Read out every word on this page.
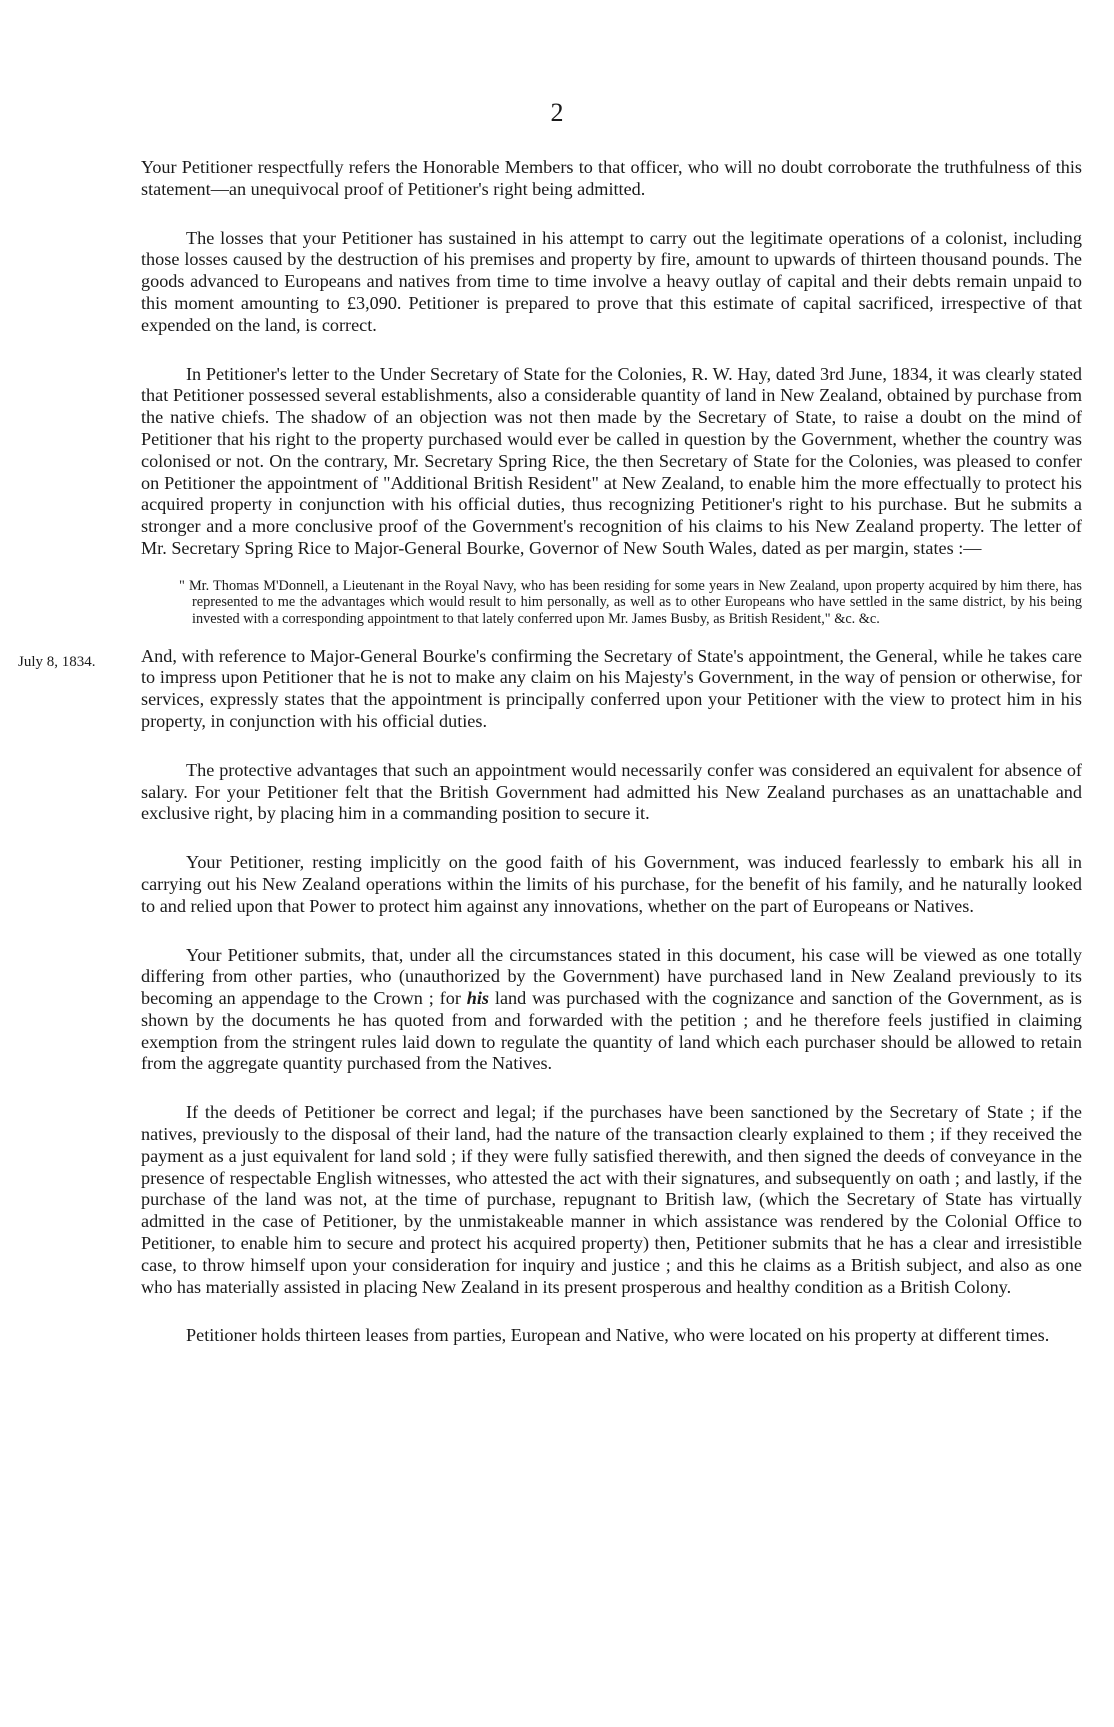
2
July 8, 1834.

Your Petitioner respectfully refers the Honorable Members to that officer, who will no doubt corroborate the truthfulness of this statement—an unequivocal proof of Petitioner's right being admitted.

The losses that your Petitioner has sustained in his attempt to carry out the legitimate operations of a colonist, including those losses caused by the destruction of his premises and property by fire, amount to upwards of thirteen thousand pounds. The goods advanced to Europeans and natives from time to time involve a heavy outlay of capital and their debts remain unpaid to this moment amounting to £3,090. Petitioner is prepared to prove that this estimate of capital sacrificed, irrespective of that expended on the land, is correct.

In Petitioner's letter to the Under Secretary of State for the Colonies, R. W. Hay, dated 3rd June, 1834, it was clearly stated that Petitioner possessed several establishments, also a considerable quantity of land in New Zealand, obtained by purchase from the native chiefs. The shadow of an objection was not then made by the Secretary of State, to raise a doubt on the mind of Petitioner that his right to the property purchased would ever be called in question by the Government, whether the country was colonised or not. On the contrary, Mr. Secretary Spring Rice, the then Secretary of State for the Colonies, was pleased to confer on Petitioner the appointment of "Additional British Resident" at New Zealand, to enable him the more effectually to protect his acquired property in conjunction with his official duties, thus recognizing Petitioner's right to his purchase. But he submits a stronger and a more conclusive proof of the Government's recognition of his claims to his New Zealand property. The letter of Mr. Secretary Spring Rice to Major-General Bourke, Governor of New South Wales, dated as per margin, states :—

" Mr. Thomas M'Donnell, a Lieutenant in the Royal Navy, who has been residing for some years in New Zealand, upon property acquired by him there, has represented to me the advantages which would result to him personally, as well as to other Europeans who have settled in the same district, by his being invested with a corresponding appointment to that lately conferred upon Mr. James Busby, as British Resident," &c. &c.

And, with reference to Major-General Bourke's confirming the Secretary of State's appointment, the General, while he takes care to impress upon Petitioner that he is not to make any claim on his Majesty's Government, in the way of pension or otherwise, for services, expressly states that the appointment is principally conferred upon your Petitioner with the view to protect him in his property, in conjunction with his official duties.

The protective advantages that such an appointment would necessarily confer was considered an equivalent for absence of salary. For your Petitioner felt that the British Government had admitted his New Zealand purchases as an unattachable and exclusive right, by placing him in a commanding position to secure it.

Your Petitioner, resting implicitly on the good faith of his Government, was induced fearlessly to embark his all in carrying out his New Zealand operations within the limits of his purchase, for the benefit of his family, and he naturally looked to and relied upon that Power to protect him against any innovations, whether on the part of Europeans or Natives.

Your Petitioner submits, that, under all the circumstances stated in this document, his case will be viewed as one totally differing from other parties, who (unauthorized by the Government) have purchased land in New Zealand previously to its becoming an appendage to the Crown ; for his land was purchased with the cognizance and sanction of the Government, as is shown by the documents he has quoted from and forwarded with the petition ; and he therefore feels justified in claiming exemption from the stringent rules laid down to regulate the quantity of land which each purchaser should be allowed to retain from the aggregate quantity purchased from the Natives.

If the deeds of Petitioner be correct and legal; if the purchases have been sanctioned by the Secretary of State ; if the natives, previously to the disposal of their land, had the nature of the transaction clearly explained to them ; if they received the payment as a just equivalent for land sold ; if they were fully satisfied therewith, and then signed the deeds of conveyance in the presence of respectable English witnesses, who attested the act with their signatures, and subsequently on oath ; and lastly, if the purchase of the land was not, at the time of purchase, repugnant to British law, (which the Secretary of State has virtually admitted in the case of Petitioner, by the unmistakeable manner in which assistance was rendered by the Colonial Office to Petitioner, to enable him to secure and protect his acquired property) then, Petitioner submits that he has a clear and irresistible case, to throw himself upon your consideration for inquiry and justice ; and this he claims as a British subject, and also as one who has materially assisted in placing New Zealand in its present prosperous and healthy condition as a British Colony.

Petitioner holds thirteen leases from parties, European and Native, who were located on his property at different times.
